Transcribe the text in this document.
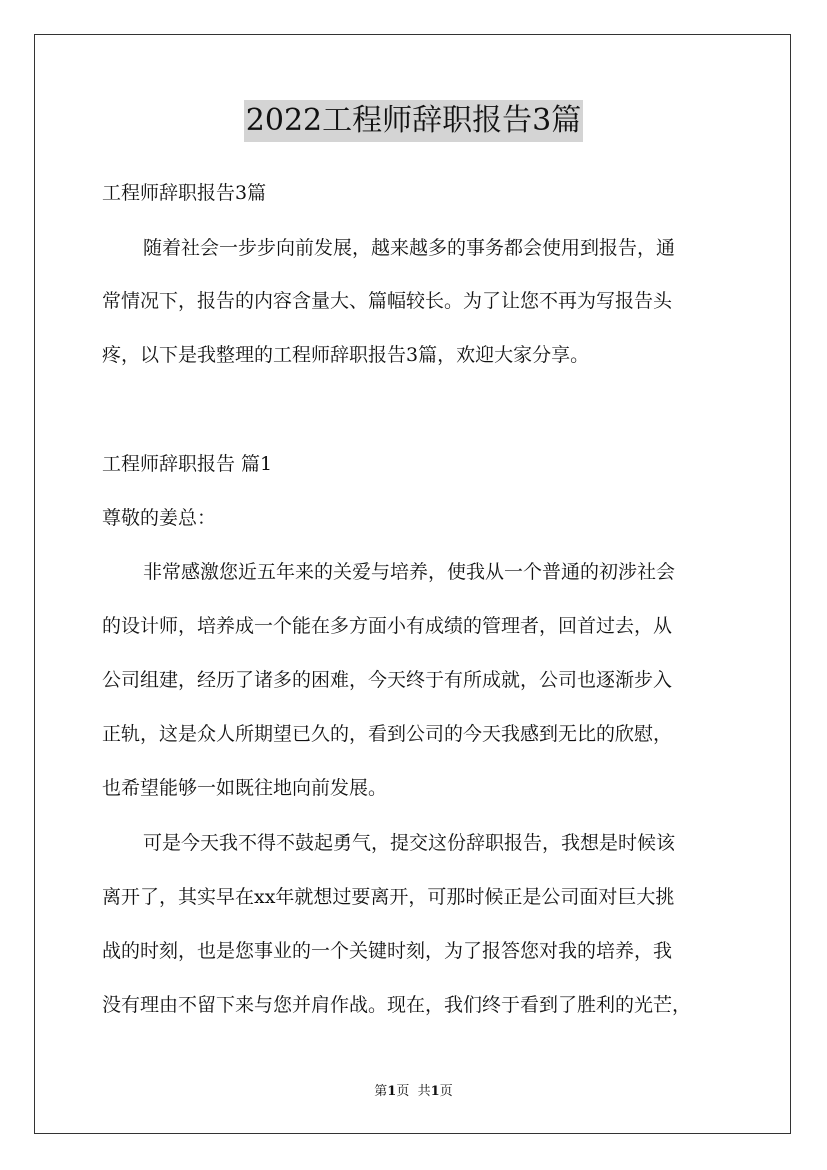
2022工程师辞职报告3篇
工程师辞职报告3篇
随着社会一步步向前发展，越来越多的事务都会使用到报告，通
常情况下，报告的内容含量大、篇幅较长。为了让您不再为写报告头
疼，以下是我整理的工程师辞职报告3篇，欢迎大家分享。
工程师辞职报告 篇1
尊敬的姜总：
非常感激您近五年来的关爱与培养，使我从一个普通的初涉社会
的设计师，培养成一个能在多方面小有成绩的管理者，回首过去，从
公司组建，经历了诸多的困难，今天终于有所成就，公司也逐渐步入
正轨，这是众人所期望已久的，看到公司的今天我感到无比的欣慰，
也希望能够一如既往地向前发展。
可是今天我不得不鼓起勇气，提交这份辞职报告，我想是时候该
离开了，其实早在xx年就想过要离开，可那时候正是公司面对巨大挑
战的时刻，也是您事业的一个关键时刻，为了报答您对我的培养，我
没有理由不留下来与您并肩作战。现在，我们终于看到了胜利的光芒，
第1页 共1页
